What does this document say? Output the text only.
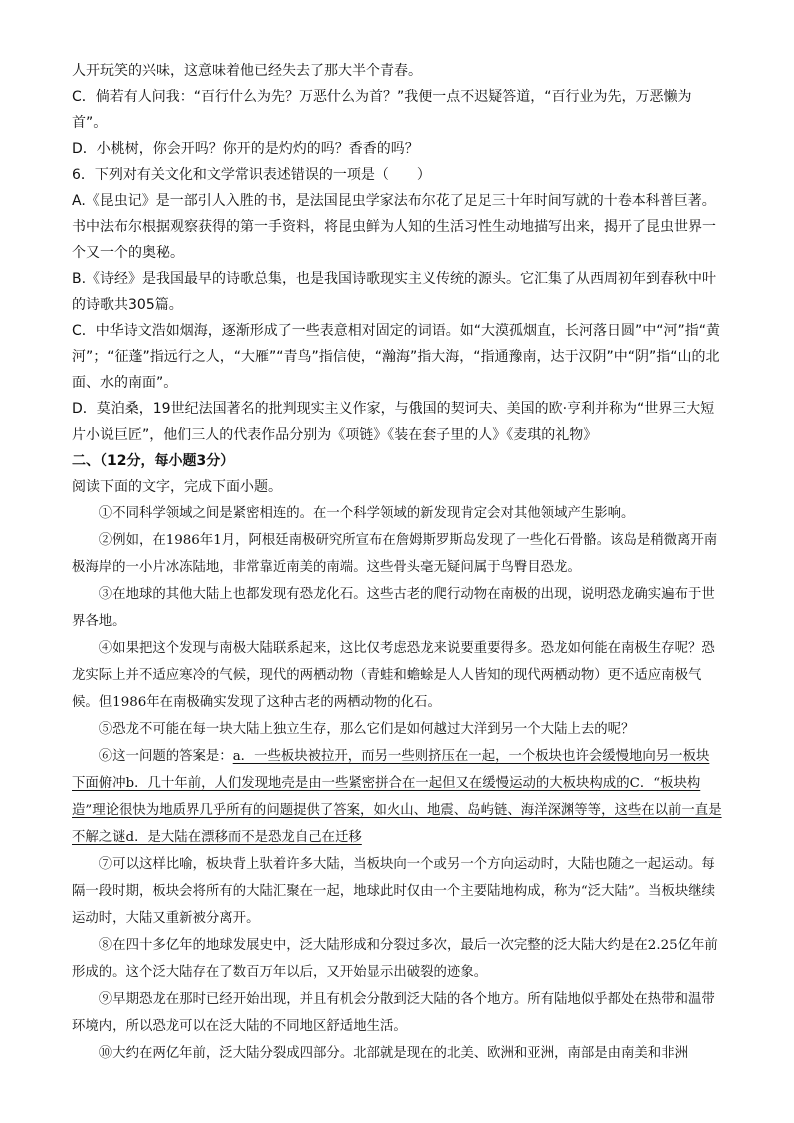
人开玩笑的兴味，这意味着他已经失去了那大半个青春。

C．倘若有人问我：“百行什么为先？万恶什么为首？”我便一点不迟疑答道，“百行业为先，万恶懒为首”。

D．小桃树，你会开吗？你开的是灼灼的吗？香香的吗？

6．下列对有关文化和文学常识表述错误的一项是（　　）

A.《昆虫记》是一部引人入胜的书，是法国昆虫学家法布尔花了足足三十年时间写就的十卷本科普巨著。书中法布尔根据观察获得的第一手资料，将昆虫鲜为人知的生活习性生动地描写出来，揭开了昆虫世界一个又一个的奥秘。

B.《诗经》是我国最早的诗歌总集，也是我国诗歌现实主义传统的源头。它汇集了从西周初年到春秋中叶的诗歌共305篇。

C．中华诗文浩如烟海，逐渐形成了一些表意相对固定的词语。如“大漠孤烟直，长河落日圆”中“河”指“黄河”；“征蓬”指远行之人，“大雁”“青鸟”指信使，“瀚海”指大海，“指通豫南，达于汉阴”中“阴”指“山的北面、水的南面”。

D．莫泊桑，19世纪法国著名的批判现实主义作家，与俄国的契诃夫、美国的欧·亨利并称为“世界三大短片小说巨匠”，他们三人的代表作品分别为《项链》《装在套子里的人》《麦琪的礼物》

二、（12分，每小题3分）

阅读下面的文字，完成下面小题。

①不同科学领域之间是紧密相连的。在一个科学领域的新发现肯定会对其他领域产生影响。

②例如，在1986年1月，阿根廷南极研究所宣布在詹姆斯罗斯岛发现了一些化石骨骼。该岛是稍微离开南极海岸的一小片冰冻陆地，非常靠近南美的南端。这些骨头毫无疑问属于鸟臀目恐龙。

③在地球的其他大陆上也都发现有恐龙化石。这些古老的爬行动物在南极的出现，说明恐龙确实遍布于世界各地。

④如果把这个发现与南极大陆联系起来，这比仅考虑恐龙来说要重要得多。恐龙如何能在南极生存呢？恐龙实际上并不适应寒冷的气候，现代的两栖动物（青蛙和蟾蜍是人人皆知的现代两栖动物）更不适应南极气候。但1986年在南极确实发现了这种古老的两栖动物的化石。

⑤恐龙不可能在每一块大陆上独立生存，那么它们是如何越过大洋到另一个大陆上去的呢？

⑥这一问题的答案是：a．一些板块被拉开，而另一些则挤压在一起，一个板块也许会缓慢地向另一板块下面俯冲b．几十年前，人们发现地壳是由一些紧密拼合在一起但又在缓慢运动的大板块构成的C．“板块构造”理论很快为地质界几乎所有的问题提供了答案，如火山、地震、岛屿链、海洋深渊等等，这些在以前一直是不解之谜d．是大陆在漂移而不是恐龙自己在迁移

⑦可以这样比喻，板块背上驮着许多大陆，当板块向一个或另一个方向运动时，大陆也随之一起运动。每隔一段时期，板块会将所有的大陆汇聚在一起，地球此时仅由一个主要陆地构成，称为“泛大陆”。当板块继续运动时，大陆又重新被分离开。

⑧在四十多亿年的地球发展史中，泛大陆形成和分裂过多次，最后一次完整的泛大陆大约是在2.25亿年前形成的。这个泛大陆存在了数百万年以后，又开始显示出破裂的迹象。

⑨早期恐龙在那时已经开始出现，并且有机会分散到泛大陆的各个地方。所有陆地似乎都处在热带和温带环境内，所以恐龙可以在泛大陆的不同地区舒适地生活。

⑩大约在两亿年前，泛大陆分裂成四部分。北部就是现在的北美、欧洲和亚洲，南部是由南美和非洲
